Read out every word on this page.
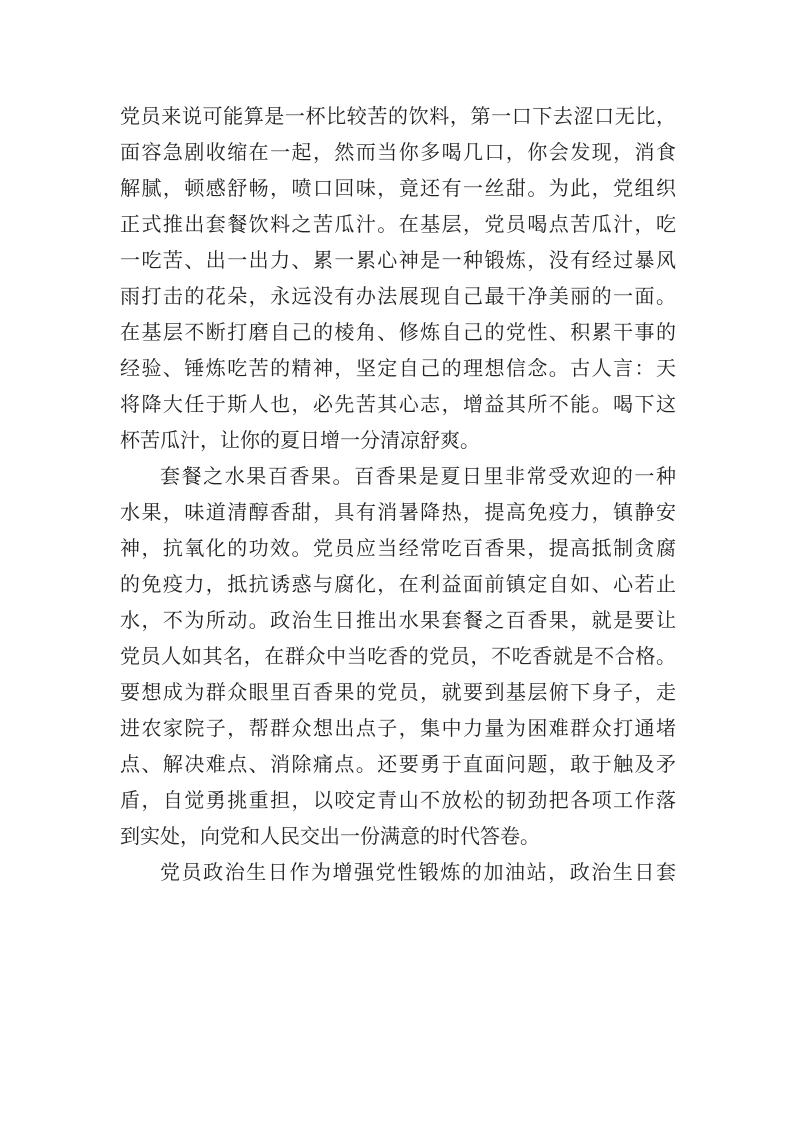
党员来说可能算是一杯比较苦的饮料，第一口下去涩口无比，
面容急剧收缩在一起，然而当你多喝几口，你会发现，消食
解腻，顿感舒畅，喷口回味，竟还有一丝甜。为此，党组织
正式推出套餐饮料之苦瓜汁。在基层，党员喝点苦瓜汁，吃
一吃苦、出一出力、累一累心神是一种锻炼，没有经过暴风
雨打击的花朵，永远没有办法展现自己最干净美丽的一面。
在基层不断打磨自己的棱角、修炼自己的党性、积累干事的
经验、锤炼吃苦的精神，坚定自己的理想信念。古人言：天
将降大任于斯人也，必先苦其心志，增益其所不能。喝下这
杯苦瓜汁，让你的夏日增一分清凉舒爽。
套餐之水果百香果。百香果是夏日里非常受欢迎的一种
水果，味道清醇香甜，具有消暑降热，提高免疫力，镇静安
神，抗氧化的功效。党员应当经常吃百香果，提高抵制贪腐
的免疫力，抵抗诱惑与腐化，在利益面前镇定自如、心若止
水，不为所动。政治生日推出水果套餐之百香果，就是要让
党员人如其名，在群众中当吃香的党员，不吃香就是不合格。
要想成为群众眼里百香果的党员，就要到基层俯下身子，走
进农家院子，帮群众想出点子，集中力量为困难群众打通堵
点、解决难点、消除痛点。还要勇于直面问题，敢于触及矛
盾，自觉勇挑重担，以咬定青山不放松的韧劲把各项工作落
到实处，向党和人民交出一份满意的时代答卷。
党员政治生日作为增强党性锻炼的加油站，政治生日套
